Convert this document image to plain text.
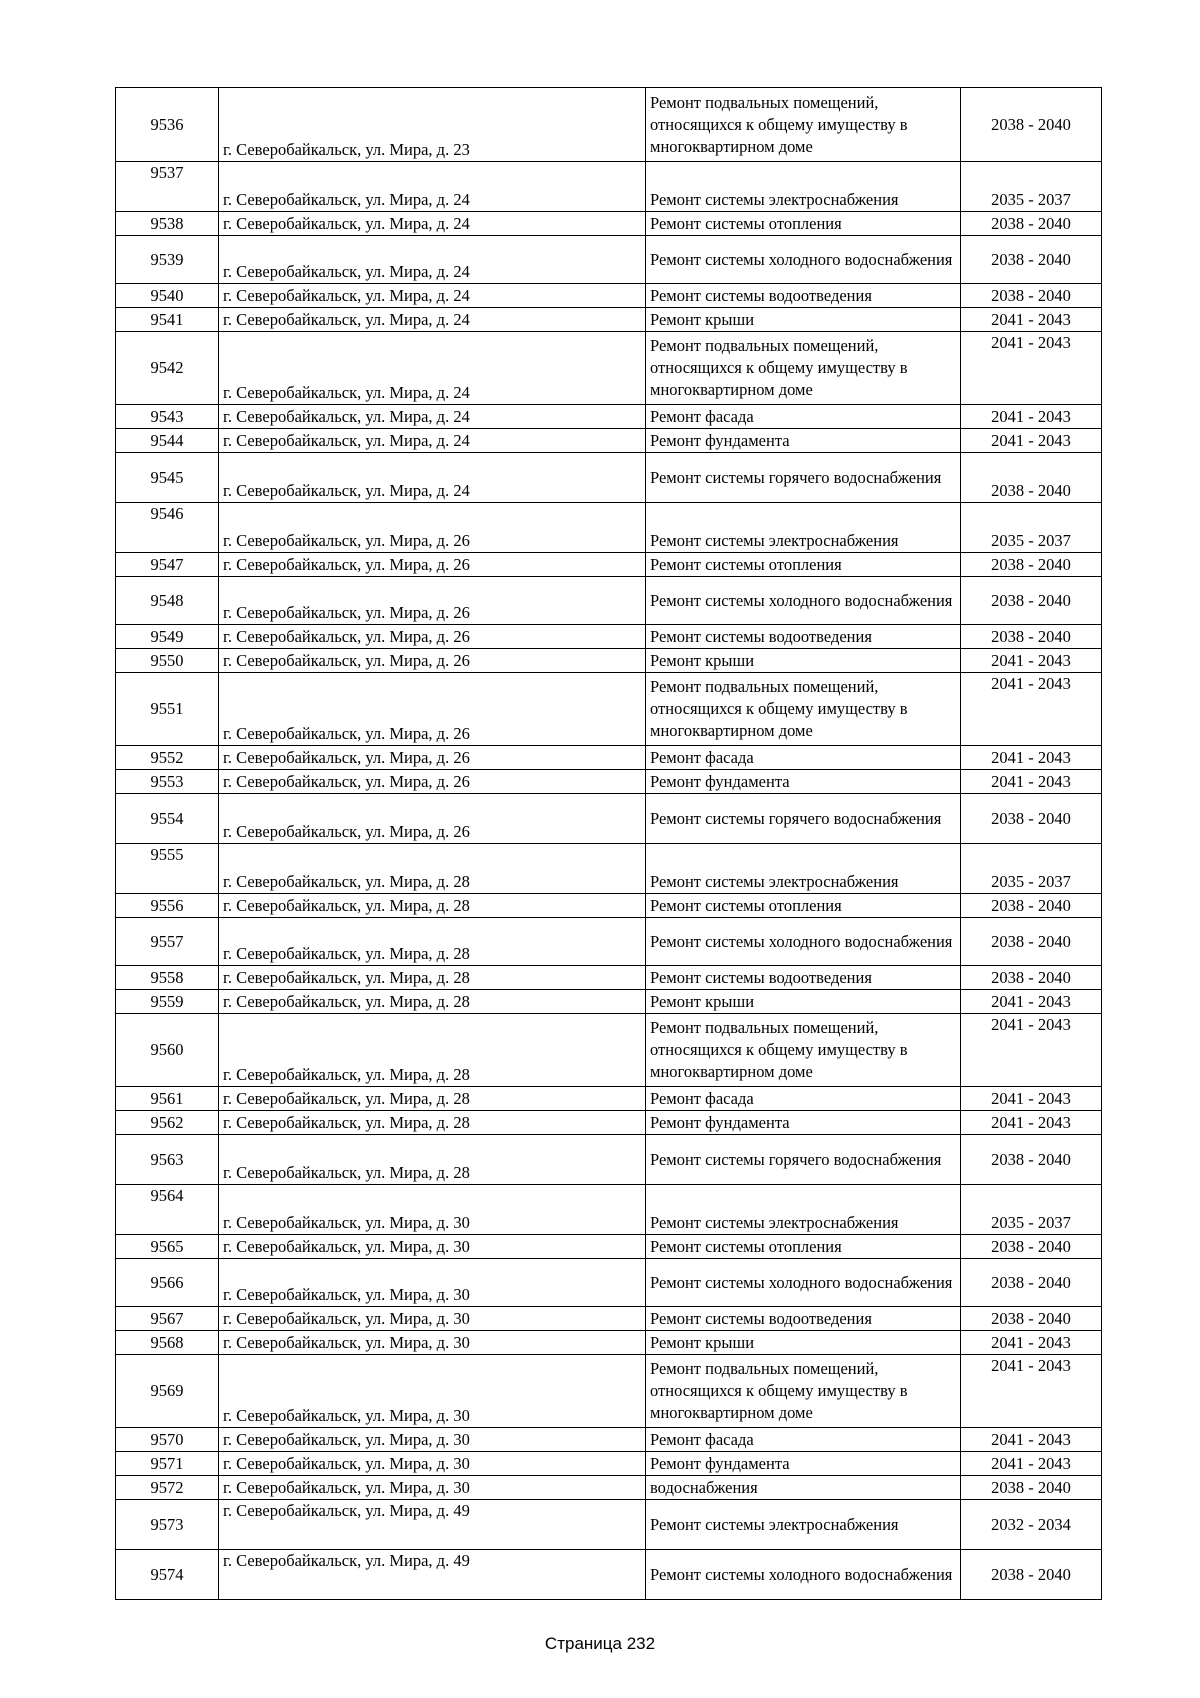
9536	г. Северобайкальск, ул. Мира, д. 23	Ремонт подвальных помещений, относящихся к общему имуществу в многоквартирном доме	2038 - 2040
9537	г. Северобайкальск, ул. Мира, д. 24	Ремонт системы электроснабжения	2035 - 2037
9538	г. Северобайкальск, ул. Мира, д. 24	Ремонт системы отопления	2038 - 2040
9539	г. Северобайкальск, ул. Мира, д. 24	Ремонт системы холодного водоснабжения	2038 - 2040
9540	г. Северобайкальск, ул. Мира, д. 24	Ремонт системы водоотведения	2038 - 2040
9541	г. Северобайкальск, ул. Мира, д. 24	Ремонт крыши	2041 - 2043
9542	г. Северобайкальск, ул. Мира, д. 24	Ремонт подвальных помещений, относящихся к общему имуществу в многоквартирном доме	2041 - 2043
9543	г. Северобайкальск, ул. Мира, д. 24	Ремонт фасада	2041 - 2043
9544	г. Северобайкальск, ул. Мира, д. 24	Ремонт фундамента	2041 - 2043
9545	г. Северобайкальск, ул. Мира, д. 24	Ремонт системы горячего водоснабжения	2038 - 2040
9546	г. Северобайкальск, ул. Мира, д. 26	Ремонт системы электроснабжения	2035 - 2037
9547	г. Северобайкальск, ул. Мира, д. 26	Ремонт системы отопления	2038 - 2040
9548	г. Северобайкальск, ул. Мира, д. 26	Ремонт системы холодного водоснабжения	2038 - 2040
9549	г. Северобайкальск, ул. Мира, д. 26	Ремонт системы водоотведения	2038 - 2040
9550	г. Северобайкальск, ул. Мира, д. 26	Ремонт крыши	2041 - 2043
9551	г. Северобайкальск, ул. Мира, д. 26	Ремонт подвальных помещений, относящихся к общему имуществу в многоквартирном доме	2041 - 2043
9552	г. Северобайкальск, ул. Мира, д. 26	Ремонт фасада	2041 - 2043
9553	г. Северобайкальск, ул. Мира, д. 26	Ремонт фундамента	2041 - 2043
9554	г. Северобайкальск, ул. Мира, д. 26	Ремонт системы горячего водоснабжения	2038 - 2040
9555	г. Северобайкальск, ул. Мира, д. 28	Ремонт системы электроснабжения	2035 - 2037
9556	г. Северобайкальск, ул. Мира, д. 28	Ремонт системы отопления	2038 - 2040
9557	г. Северобайкальск, ул. Мира, д. 28	Ремонт системы холодного водоснабжения	2038 - 2040
9558	г. Северобайкальск, ул. Мира, д. 28	Ремонт системы водоотведения	2038 - 2040
9559	г. Северобайкальск, ул. Мира, д. 28	Ремонт крыши	2041 - 2043
9560	г. Северобайкальск, ул. Мира, д. 28	Ремонт подвальных помещений, относящихся к общему имуществу в многоквартирном доме	2041 - 2043
9561	г. Северобайкальск, ул. Мира, д. 28	Ремонт фасада	2041 - 2043
9562	г. Северобайкальск, ул. Мира, д. 28	Ремонт фундамента	2041 - 2043
9563	г. Северобайкальск, ул. Мира, д. 28	Ремонт системы горячего водоснабжения	2038 - 2040
9564	г. Северобайкальск, ул. Мира, д. 30	Ремонт системы электроснабжения	2035 - 2037
9565	г. Северобайкальск, ул. Мира, д. 30	Ремонт системы отопления	2038 - 2040
9566	г. Северобайкальск, ул. Мира, д. 30	Ремонт системы холодного водоснабжения	2038 - 2040
9567	г. Северобайкальск, ул. Мира, д. 30	Ремонт системы водоотведения	2038 - 2040
9568	г. Северобайкальск, ул. Мира, д. 30	Ремонт крыши	2041 - 2043
9569	г. Северобайкальск, ул. Мира, д. 30	Ремонт подвальных помещений, относящихся к общему имуществу в многоквартирном доме	2041 - 2043
9570	г. Северобайкальск, ул. Мира, д. 30	Ремонт фасада	2041 - 2043
9571	г. Северобайкальск, ул. Мира, д. 30	Ремонт фундамента	2041 - 2043
9572	г. Северобайкальск, ул. Мира, д. 30	водоснабжения	2038 - 2040
9573	г. Северобайкальск, ул. Мира, д. 49	Ремонт системы электроснабжения	2032 - 2034
9574	г. Северобайкальск, ул. Мира, д. 49	Ремонт системы холодного водоснабжения	2038 - 2040
Страница 232
